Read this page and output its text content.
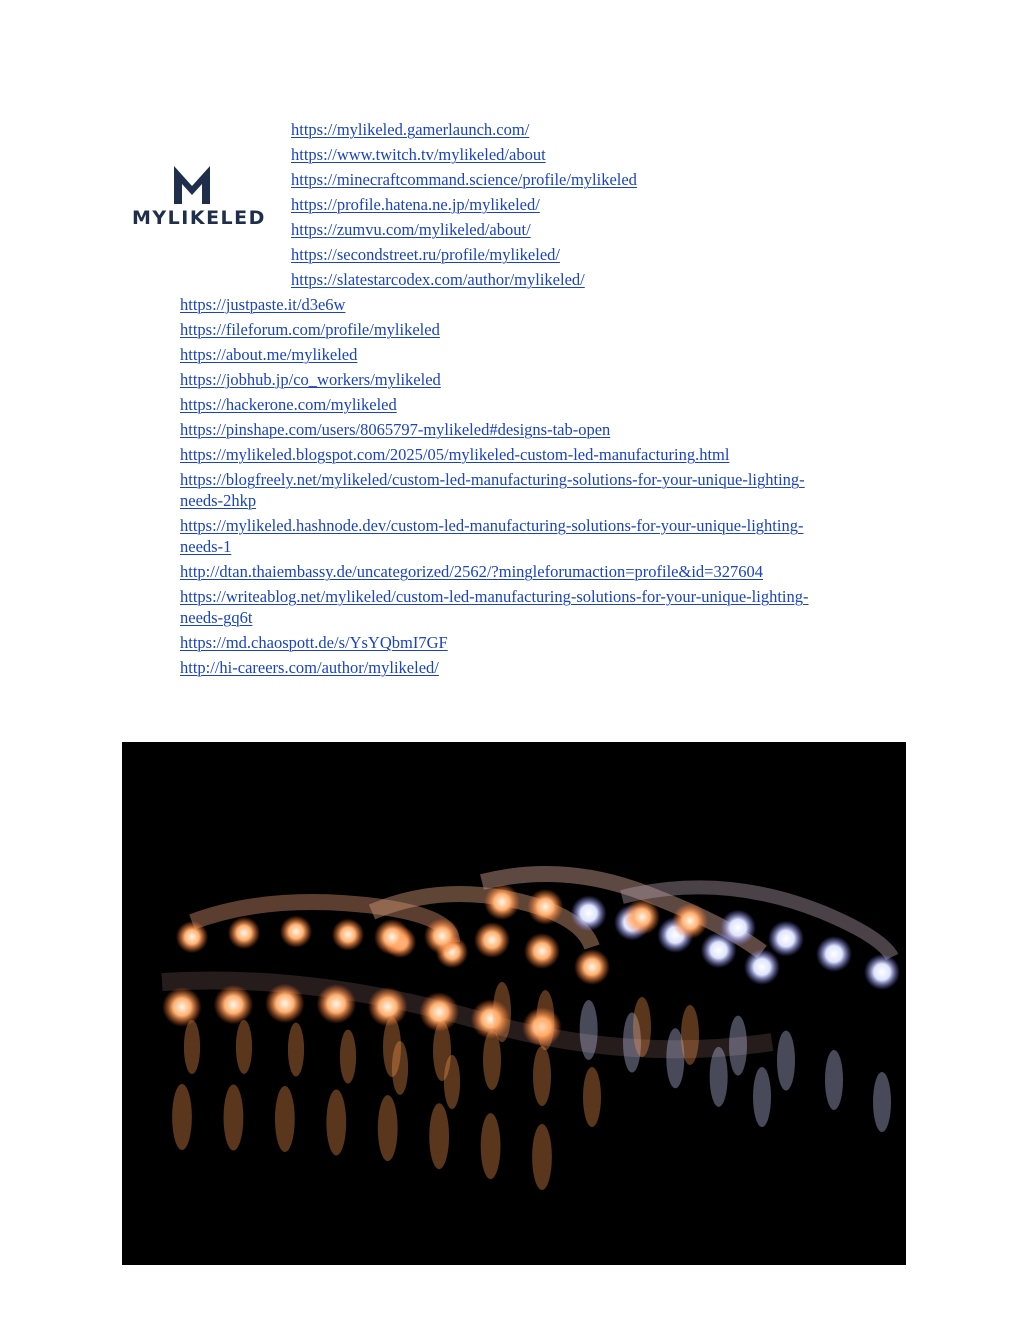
MYLIKELED
https://mylikeled.gamerlaunch.com/
https://www.twitch.tv/mylikeled/about
https://minecraftcommand.science/profile/mylikeled
https://profile.hatena.ne.jp/mylikeled/
https://zumvu.com/mylikeled/about/
https://secondstreet.ru/profile/mylikeled/
https://slatestarcodex.com/author/mylikeled/
https://justpaste.it/d3e6w
https://fileforum.com/profile/mylikeled
https://about.me/mylikeled
https://jobhub.jp/co_workers/mylikeled
https://hackerone.com/mylikeled
https://pinshape.com/users/8065797-mylikeled#designs-tab-open
https://mylikeled.blogspot.com/2025/05/mylikeled-custom-led-manufacturing.html
https://blogfreely.net/mylikeled/custom-led-manufacturing-solutions-for-your-unique-lighting-
needs-2hkp
https://mylikeled.hashnode.dev/custom-led-manufacturing-solutions-for-your-unique-lighting-
needs-1
http://dtan.thaiembassy.de/uncategorized/2562/?mingleforumaction=profile&id=327604
https://writeablog.net/mylikeled/custom-led-manufacturing-solutions-for-your-unique-lighting-
needs-gq6t
https://md.chaospott.de/s/YsYQbmI7GF
http://hi-careers.com/author/mylikeled/
